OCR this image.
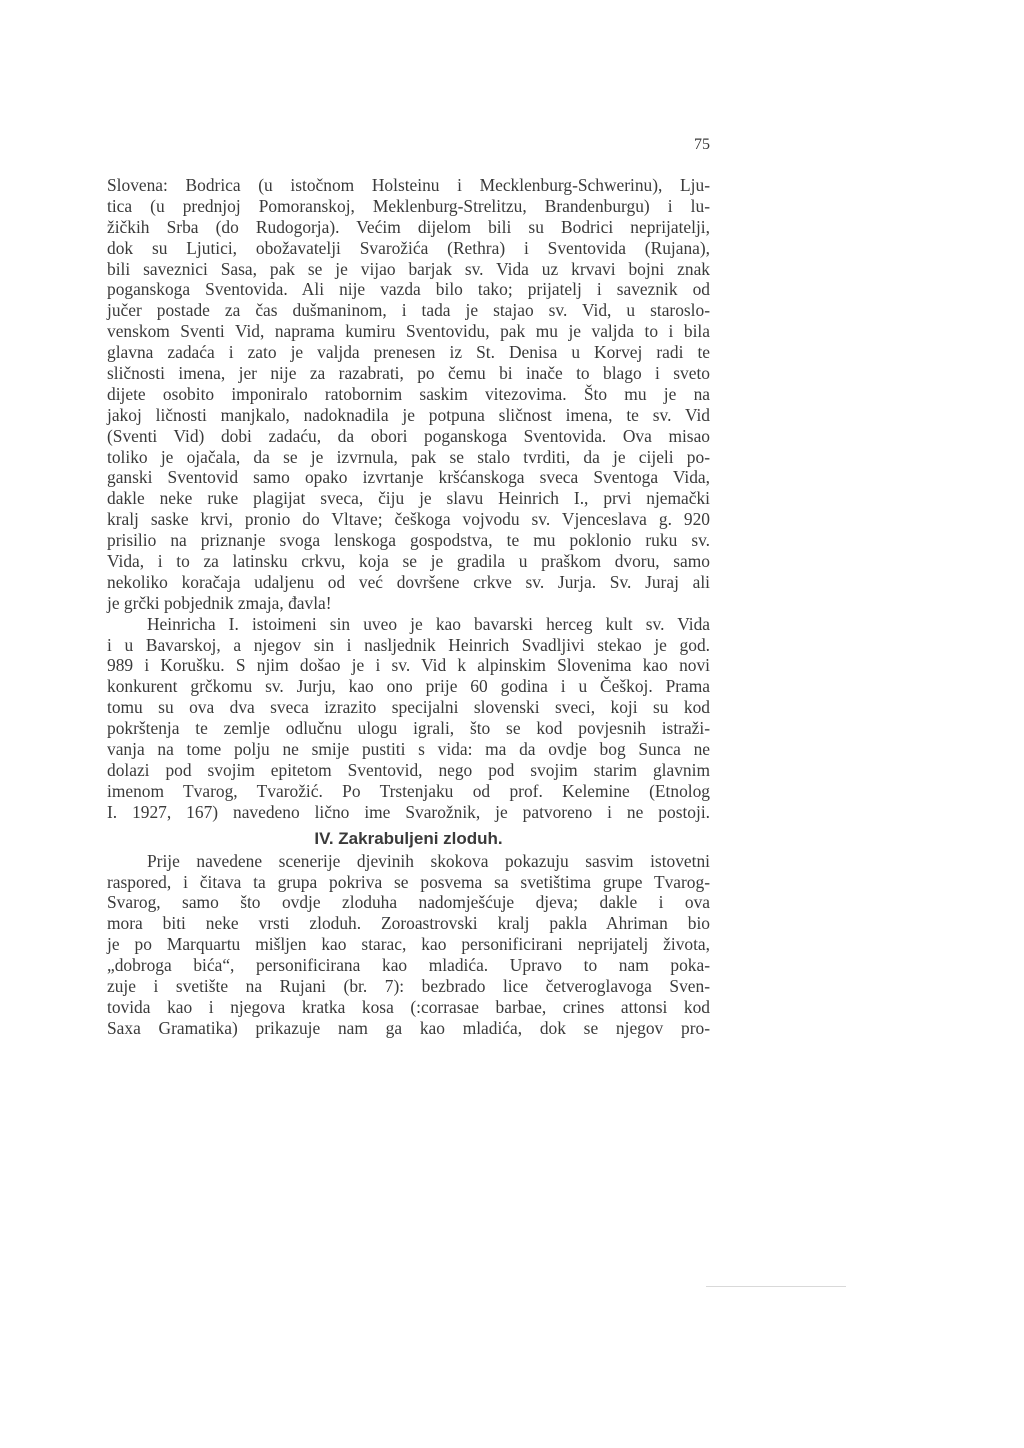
75
Slovena: Bodrica (u istočnom Holsteinu i Mecklenburg-Schwerinu), Lju-
tica (u prednjoj Pomoranskoj, Meklenburg-Strelitzu, Brandenburgu) i lu-
žičkih Srba (do Rudogorja). Većim dijelom bili su Bodrici neprijatelji,
dok su Ljutici, obožavatelji Svarožića (Rethra) i Sventovida (Rujana),
bili saveznici Sasa, pak se je vijao barjak sv. Vida uz krvavi bojni znak
poganskoga Sventovida. Ali nije vazda bilo tako; prijatelj i saveznik od
jučer postade za čas dušmaninom, i tada je stajao sv. Vid, u staroslo-
venskom Sventi Vid, naprama kumiru Sventovidu, pak mu je valjda to i bila
glavna zadaća i zato je valjda prenesen iz St. Denisa u Korvej radi te
sličnosti imena, jer nije za razabrati, po čemu bi inače to blago i sveto
dijete osobito imponiralo ratobornim saskim vitezovima. Što mu je na
jakoj ličnosti manjkalo, nadoknadila je potpuna sličnost imena, te sv. Vid
(Sventi Vid) dobi zadaću, da obori poganskoga Sventovida. Ova misao
toliko je ojačala, da se je izvrnula, pak se stalo tvrditi, da je cijeli po-
ganski Sventovid samo opako izvrtanje kršćanskoga sveca Sventoga Vida,
dakle neke ruke plagijat sveca, čiju je slavu Heinrich I., prvi njemački
kralj saske krvi, pronio do Vltave; češkoga vojvodu sv. Vjenceslava g. 920
prisilio na priznanje svoga lenskoga gospodstva, te mu poklonio ruku sv.
Vida, i to za latinsku crkvu, koja se je gradila u praškom dvoru, samo
nekoliko koračaja udaljenu od već dovršene crkve sv. Jurja. Sv. Juraj ali
je grčki pobjednik zmaja, đavla!
Heinricha I. istoimeni sin uveo je kao bavarski herceg kult sv. Vida
i u Bavarskoj, a njegov sin i nasljednik Heinrich Svadljivi stekao je god.
989 i Korušku. S njim došao je i sv. Vid k alpinskim Slovenima kao novi
konkurent grčkomu sv. Jurju, kao ono prije 60 godina i u Češkoj. Prama
tomu su ova dva sveca izrazito specijalni slovenski sveci, koji su kod
pokrštenja te zemlje odlučnu ulogu igrali, što se kod povjesnih istraži-
vanja na tome polju ne smije pustiti s vida: ma da ovdje bog Sunca ne
dolazi pod svojim epitetom Sventovid, nego pod svojim starim glavnim
imenom Tvarog, Tvarožić. Po Trstenjaku od prof. Kelemine (Etnolog
I. 1927, 167) navedeno lično ime Svarožnik, je patvoreno i ne postoji.
IV. Zakrabuljeni zloduh.
Prije navedene scenerije djevinih skokova pokazuju sasvim istovetni
raspored, i čitava ta grupa pokriva se posvema sa svetištima grupe Tvarog-
Svarog, samo što ovdje zloduha nadomješćuje djeva; dakle i ova
mora biti neke vrsti zloduh. Zoroastrovski kralj pakla Ahriman bio
je po Marquartu mišljen kao starac, kao personificirani neprijatelj života,
„dobroga bića“, personificirana kao mladića. Upravo to nam poka-
zuje i svetište na Rujani (br. 7): bezbrado lice četveroglavoga Sven-
tovida kao i njegova kratka kosa (:corrasae barbae, crines attonsi kod
Saxa Gramatika) prikazuje nam ga kao mladića, dok se njegov pro-
